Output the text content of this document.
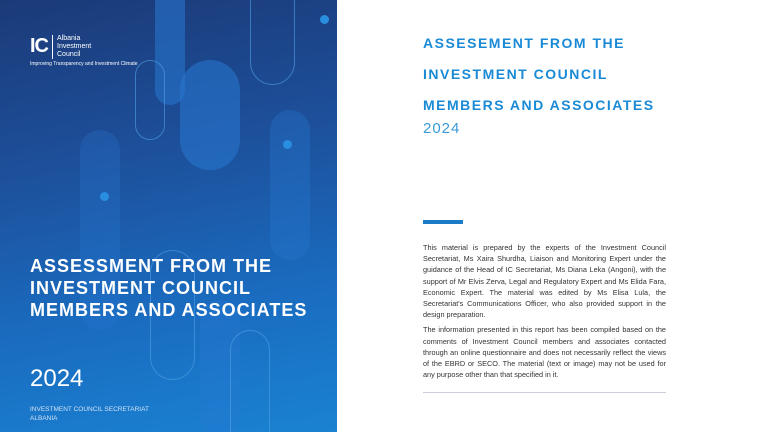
IC Albania
Investment
Council
Improving Transparency and Investment Climate
ASSESSMENT FROM THE INVESTMENT COUNCIL MEMBERS AND ASSOCIATES
2024
INVESTMENT COUNCIL SECRETARIAT
ALBANIA
ASSESEMENT FROM THE
INVESTMENT COUNCIL
MEMBERS AND ASSOCIATES
2024

This material is prepared by the experts of the Investment Council Secretariat, Ms Xaira Shurdha, Liaison and Monitoring Expert under the guidance of the Head of IC Secretariat, Ms Diana Leka (Angoni), with the support of Mr Elvis Zerva, Legal and Regulatory Expert and Ms Elida Fara, Economic Expert. The material was edited by Ms Elisa Lula, the Secretariat's Communications Officer, who also provided support in the design preparation.

The information presented in this report has been compiled based on the comments of Investment Council members and associates contacted through an online questionnaire and does not necessarily reflect the views of the EBRD or SECO. The material (text or image) may not be used for any purpose other than that specified in it.
